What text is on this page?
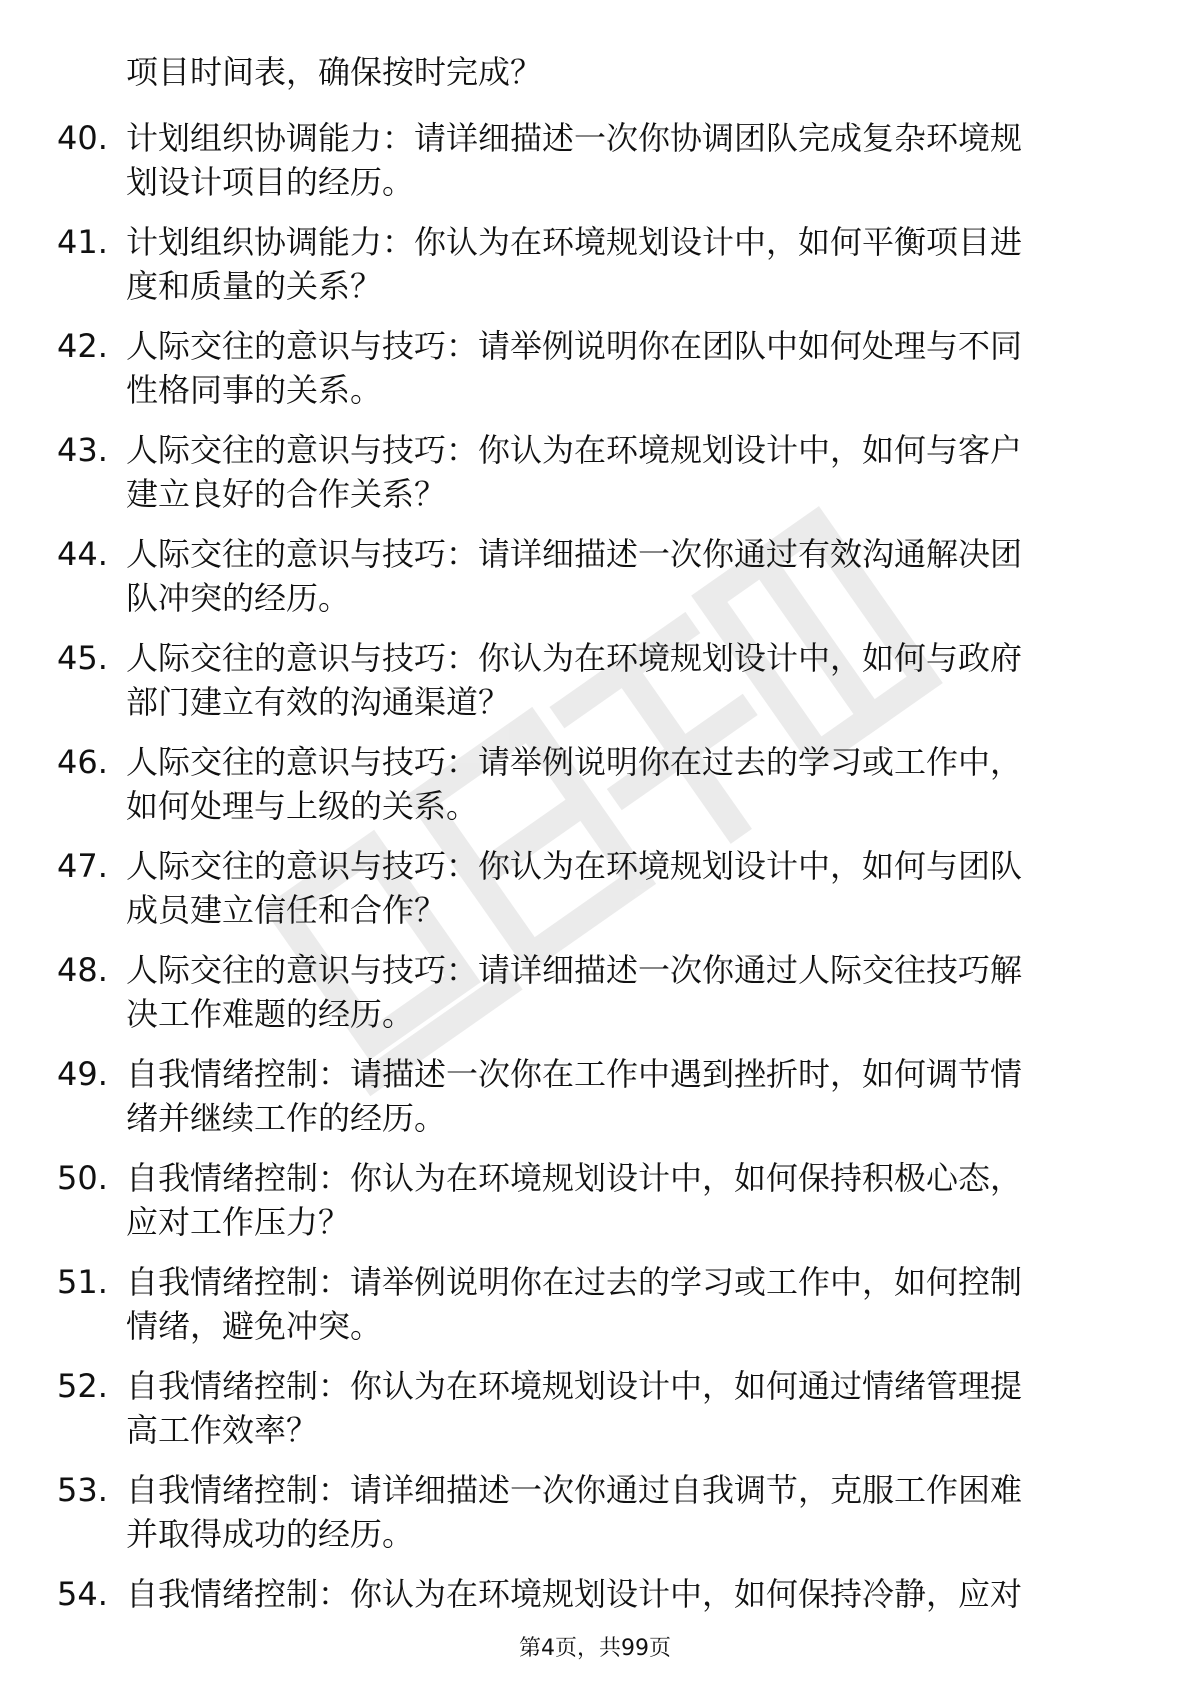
项目时间表，确保按时完成？
40. 计划组织协调能力：请详细描述一次你协调团队完成复杂环境规
划设计项目的经历。

41. 计划组织协调能力：你认为在环境规划设计中，如何平衡项目进
度和质量的关系？

42. 人际交往的意识与技巧：请举例说明你在团队中如何处理与不同
性格同事的关系。

43. 人际交往的意识与技巧：你认为在环境规划设计中，如何与客户
建立良好的合作关系？

44. 人际交往的意识与技巧：请详细描述一次你通过有效沟通解决团
队冲突的经历。

45. 人际交往的意识与技巧：你认为在环境规划设计中，如何与政府
部门建立有效的沟通渠道？

46. 人际交往的意识与技巧：请举例说明你在过去的学习或工作中，
如何处理与上级的关系。

47. 人际交往的意识与技巧：你认为在环境规划设计中，如何与团队
成员建立信任和合作？

48. 人际交往的意识与技巧：请详细描述一次你通过人际交往技巧解
决工作难题的经历。

49. 自我情绪控制：请描述一次你在工作中遇到挫折时，如何调节情
绪并继续工作的经历。

50. 自我情绪控制：你认为在环境规划设计中，如何保持积极心态，
应对工作压力？

51. 自我情绪控制：请举例说明你在过去的学习或工作中，如何控制
情绪，避免冲突。

52. 自我情绪控制：你认为在环境规划设计中，如何通过情绪管理提
高工作效率？

53. 自我情绪控制：请详细描述一次你通过自我调节，克服工作困难
并取得成功的经历。

54. 自我情绪控制：你认为在环境规划设计中，如何保持冷静，应对

第4页，共99页
